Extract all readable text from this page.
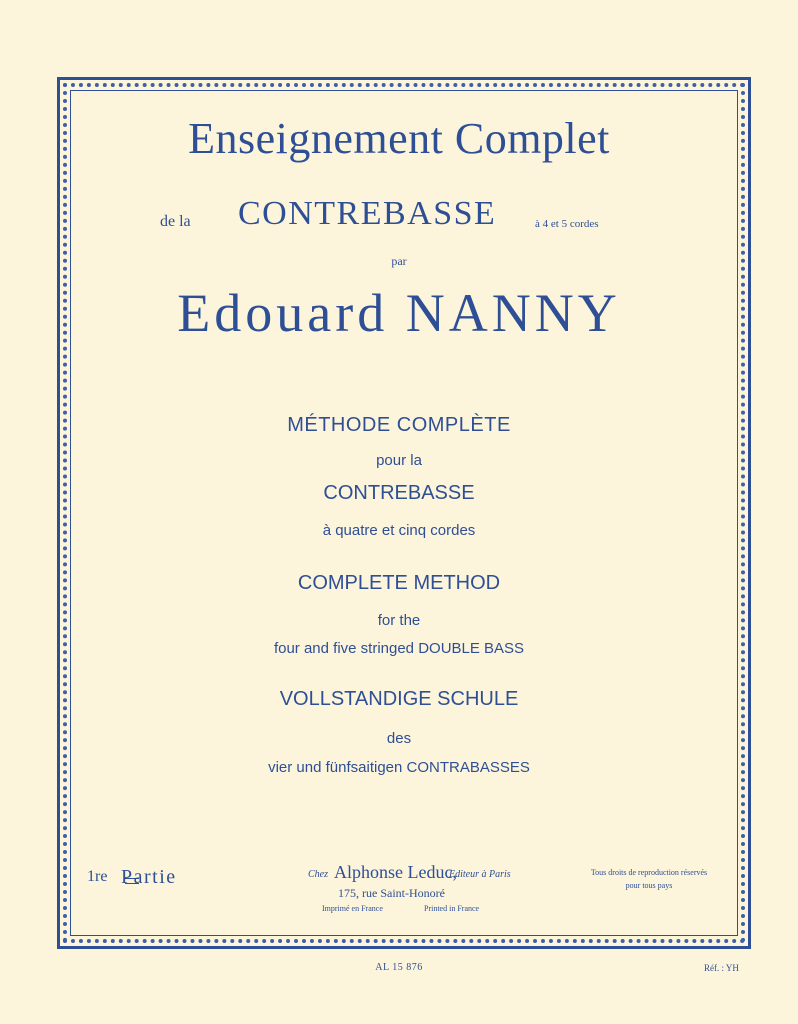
Enseignement Complet
de la CONTREBASSE	à 4 et 5 cordes
par
Edouard NANNY
MÉTHODE COMPLÈTE
pour la
CONTREBASSE
à quatre et cinq cordes
COMPLETE METHOD
for the
four and five stringed DOUBLE BASS
VOLLSTANDIGE SCHULE
des
vier und fünfsaitigen CONTRABASSES
1re Partie	Chez Alphonse Leduc,
Editeur à Paris
175, rue Saint-Honoré
Imprimé en France	Printed in France
Tous droits de reproduction réservés
pour tous pays
AL 15 876	Réf. : YH
